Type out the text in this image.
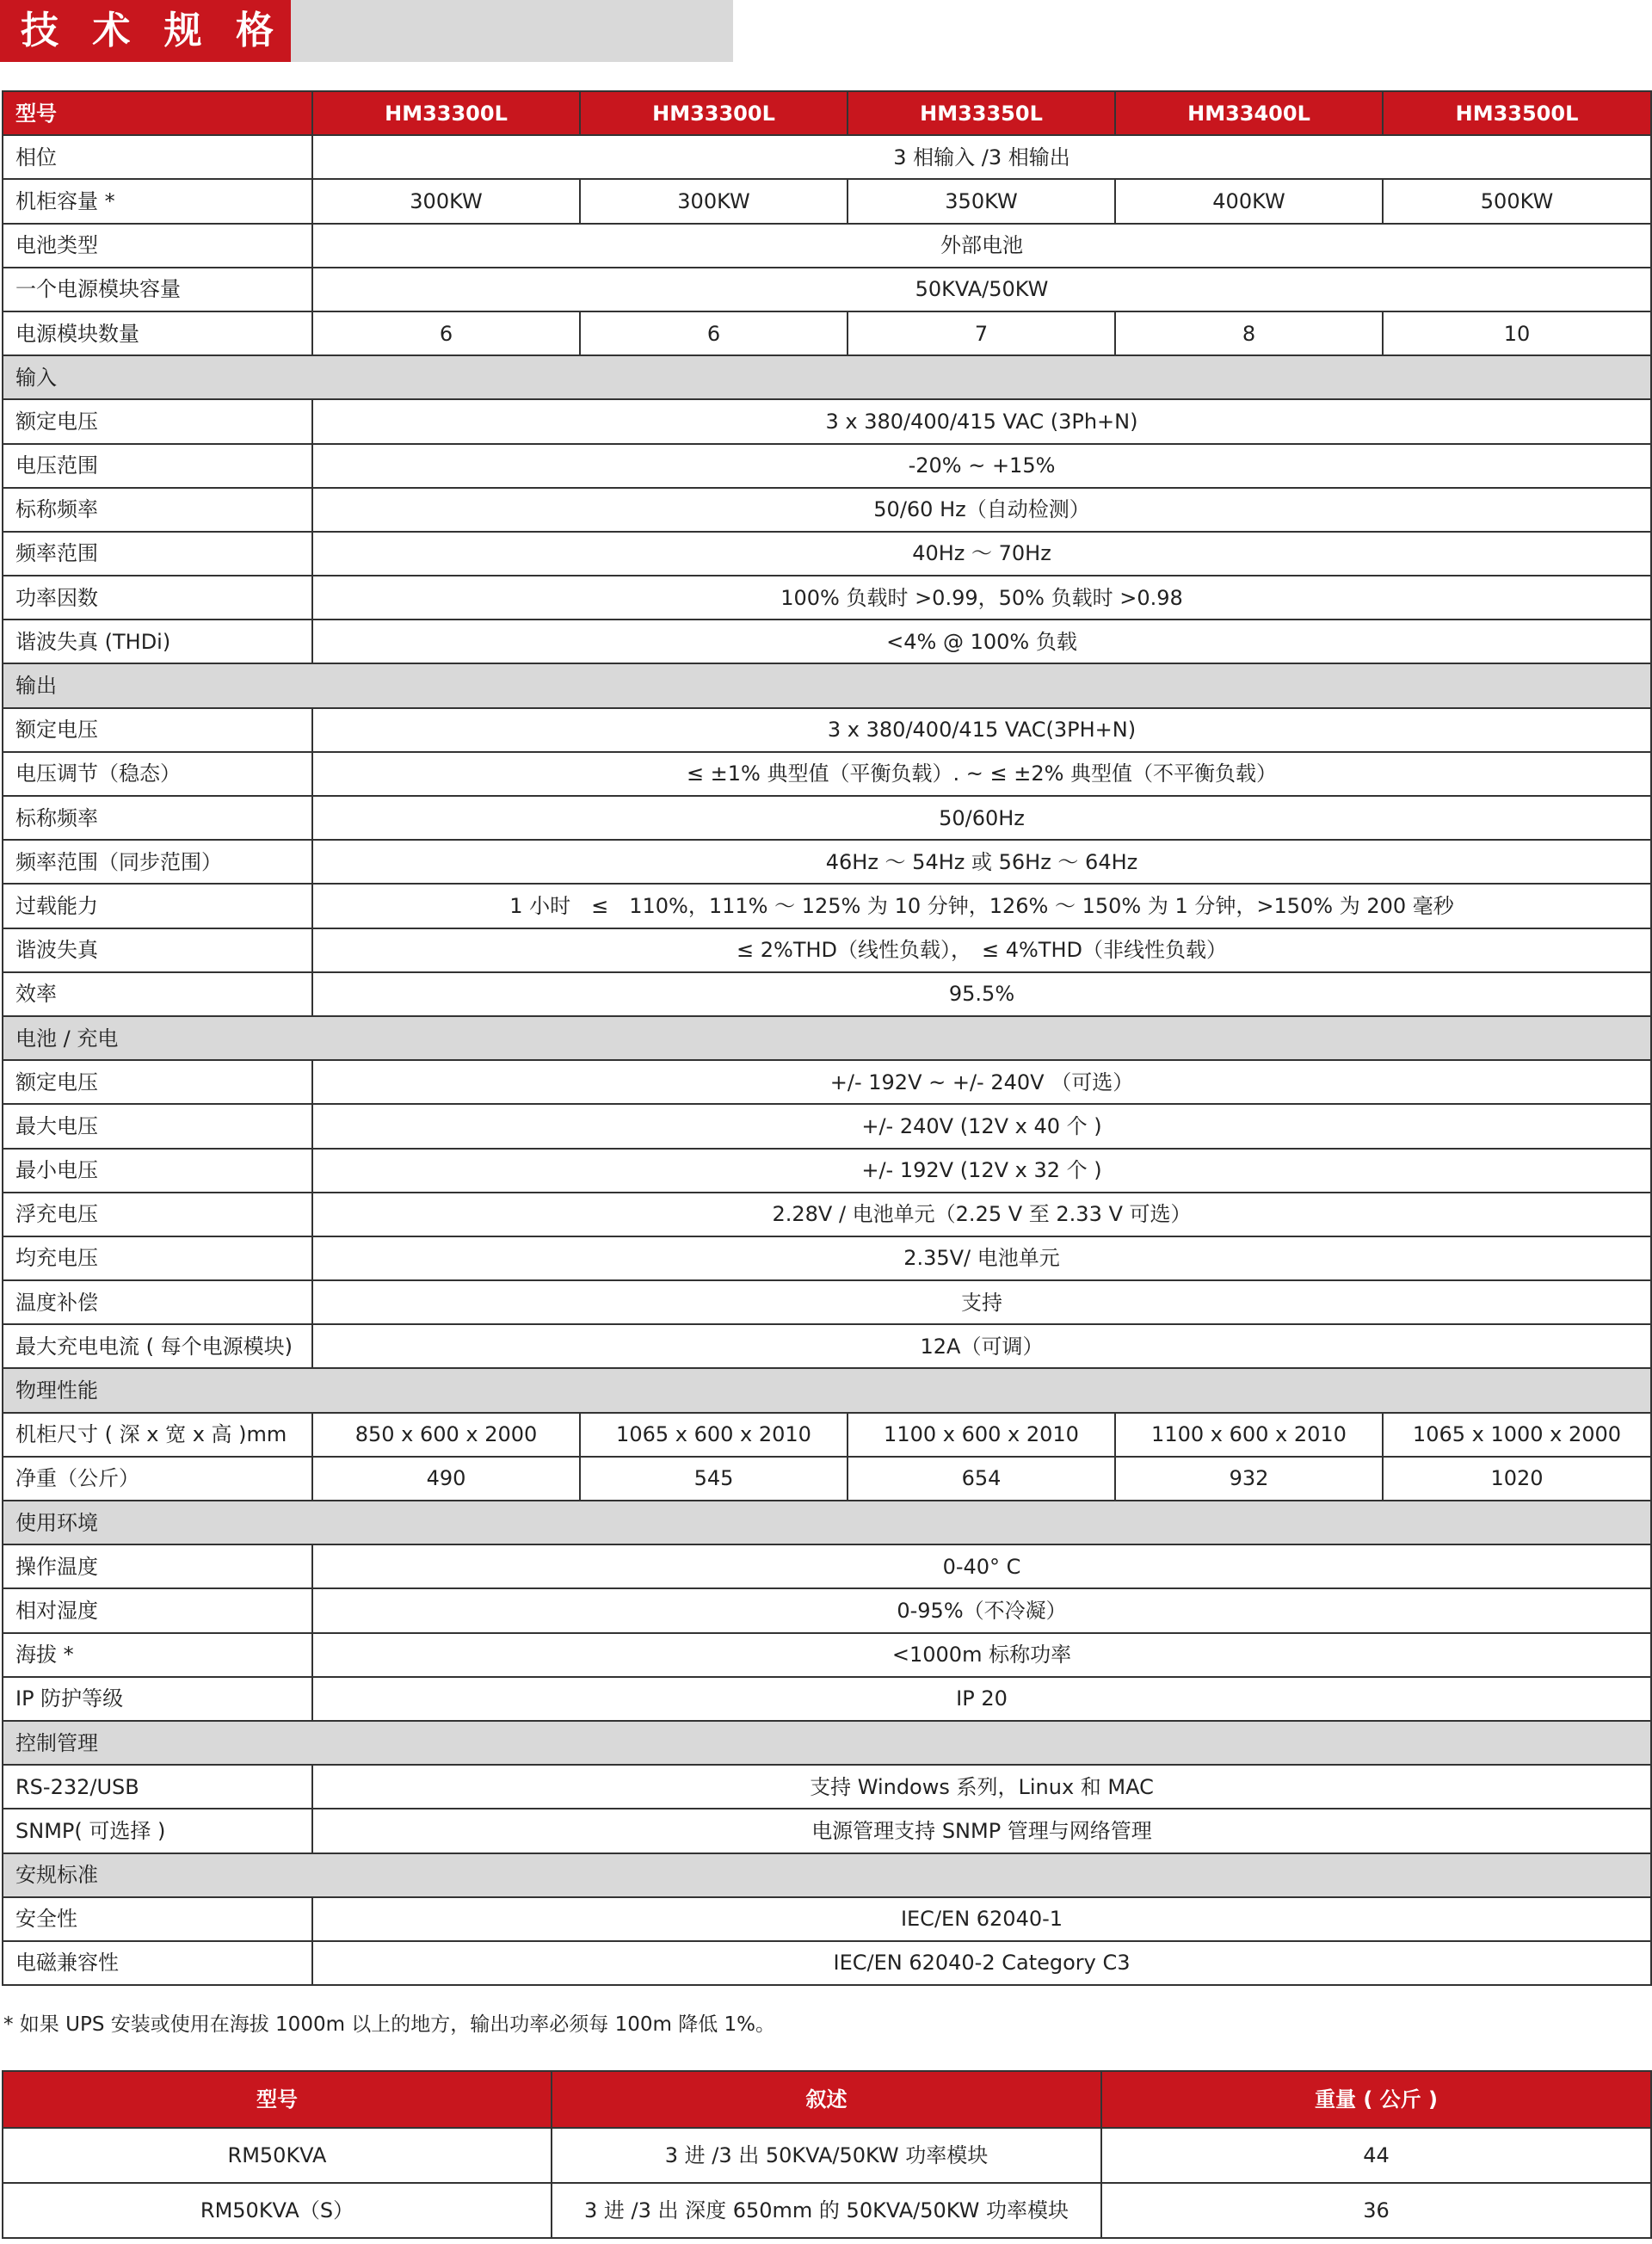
技 术 规 格
型号	HM33300L	HM33300L	HM33350L	HM33400L	HM33500L
相位	3 相输入 /3 相输出				
机柜容量 *	300KW	300KW	350KW	400KW	500KW
电池类型	外部电池				
一个电源模块容量	50KVA/50KW				
电源模块数量	6	6	7	8	10
输入					
额定电压	3 x 380/400/415 VAC (3Ph+N)				
电压范围	-20% ~ +15%				
标称频率	50/60 Hz（自动检测）				
频率范围	40Hz ～ 70Hz				
功率因数	100% 负载时 >0.99，50% 负载时 >0.98				
谐波失真 (THDi)	<4% @ 100% 负载				
输出					
额定电压	3 x 380/400/415 VAC(3PH+N)				
电压调节（稳态）	≤ ±1% 典型值（平衡负载）. ~ ≤ ±2% 典型值（不平衡负载）				
标称频率	50/60Hz				
频率范围（同步范围）	46Hz ～ 54Hz 或 56Hz ～ 64Hz				
过载能力	1 小时　≤　110%，111% ～ 125% 为 10 分钟，126% ～ 150% 为 1 分钟，>150% 为 200 毫秒				
谐波失真	≤ 2%THD（线性负载），　≤ 4%THD（非线性负载）				
效率	95.5%				
电池 / 充电					
额定电压	+/- 192V ~ +/- 240V （可选）				
最大电压	+/- 240V (12V x 40 个 )				
最小电压	+/- 192V (12V x 32 个 )				
浮充电压	2.28V / 电池单元（2.25 V 至 2.33 V 可选）				
均充电压	2.35V/ 电池单元				
温度补偿	支持				
最大充电电流 ( 每个电源模块)	12A（可调）				
物理性能					
机柜尺寸 ( 深 x 宽 x 高 )mm	850 x 600 x 2000	1065 x 600 x 2010	1100 x 600 x 2010	1100 x 600 x 2010	1065 x 1000 x 2000
净重（公斤）	490	545	654	932	1020
使用环境					
操作温度	0-40° C				
相对湿度	0-95%（不冷凝）				
海拔 *	<1000m 标称功率				
IP 防护等级	IP 20				
控制管理					
RS-232/USB	支持 Windows 系列，Linux 和 MAC				
SNMP( 可选择 )	电源管理支持 SNMP 管理与网络管理				
安规标准					
安全性	IEC/EN 62040-1				
电磁兼容性	IEC/EN 62040-2 Category C3				
* 如果 UPS 安装或使用在海拔 1000m 以上的地方，输出功率必须每 100m 降低 1%。
型号	叙述	重量 ( 公斤 )
RM50KVA	3 进 /3 出 50KVA/50KW 功率模块	44
RM50KVA（S）	3 进 /3 出 深度 650mm 的 50KVA/50KW 功率模块	36
